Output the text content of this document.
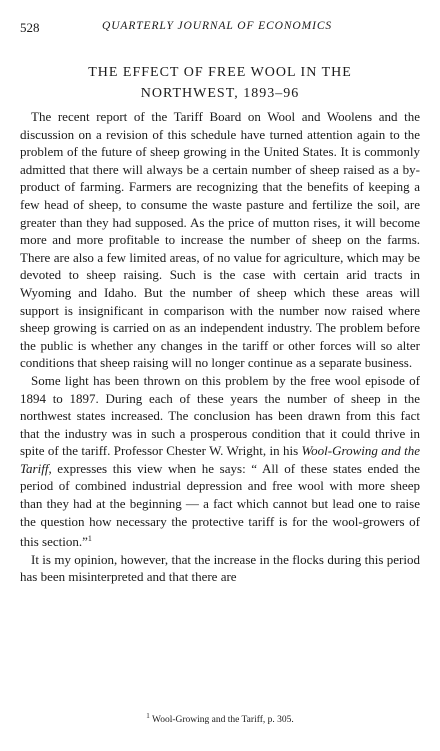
528	QUARTERLY JOURNAL OF ECONOMICS
THE EFFECT OF FREE WOOL IN THE
NORTHWEST, 1893–96

The recent report of the Tariff Board on Wool and Woolens and the discussion on a revision of this schedule have turned attention again to the problem of the future of sheep growing in the United States. It is commonly admitted that there will always be a certain number of sheep raised as a by-product of farming. Farmers are recognizing that the benefits of keeping a few head of sheep, to consume the waste pasture and fertilize the soil, are greater than they had supposed. As the price of mutton rises, it will become more and more profitable to increase the number of sheep on the farms. There are also a few limited areas, of no value for agriculture, which may be devoted to sheep raising. Such is the case with certain arid tracts in Wyoming and Idaho. But the number of sheep which these areas will support is insignificant in comparison with the number now raised where sheep growing is carried on as an independent industry. The problem before the public is whether any changes in the tariff or other forces will so alter conditions that sheep raising will no longer continue as a separate business.

Some light has been thrown on this problem by the free wool episode of 1894 to 1897. During each of these years the number of sheep in the northwest states increased. The conclusion has been drawn from this fact that the industry was in such a prosperous condition that it could thrive in spite of the tariff. Professor Chester W. Wright, in his Wool-Growing and the Tariff, expresses this view when he says: “ All of these states ended the period of combined industrial depression and free wool with more sheep than they had at the beginning — a fact which cannot but lead one to raise the question how necessary the protective tariff is for the wool-growers of this section.”$^1$

It is my opinion, however, that the increase in the flocks during this period has been misinterpreted and that there are

$^1$ Wool-Growing and the Tariff, p. 305.
